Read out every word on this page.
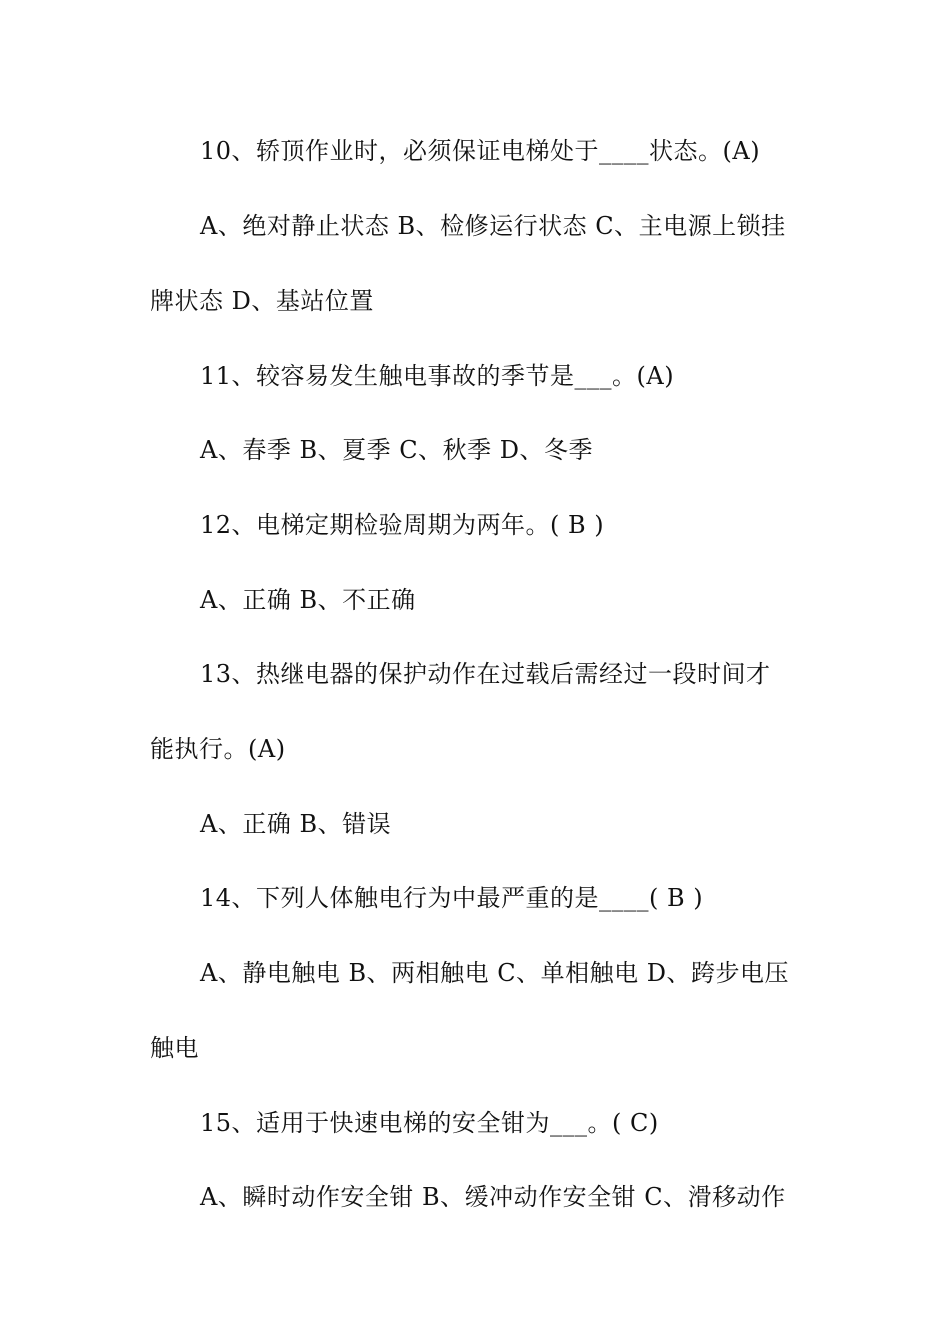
10、轿顶作业时，必须保证电梯处于____状态。(A)
A、绝对静止状态 B、检修运行状态 C、主电源上锁挂
牌状态 D、基站位置
11、较容易发生触电事故的季节是___。(A)
A、春季 B、夏季 C、秋季 D、冬季
12、电梯定期检验周期为两年。( B )
A、正确 B、不正确
13、热继电器的保护动作在过载后需经过一段时间才
能执行。(A)
A、正确 B、错误
14、下列人体触电行为中最严重的是____( B )
A、静电触电 B、两相触电 C、单相触电 D、跨步电压
触电
15、适用于快速电梯的安全钳为___。( C)
A、瞬时动作安全钳 B、缓冲动作安全钳 C、滑移动作
